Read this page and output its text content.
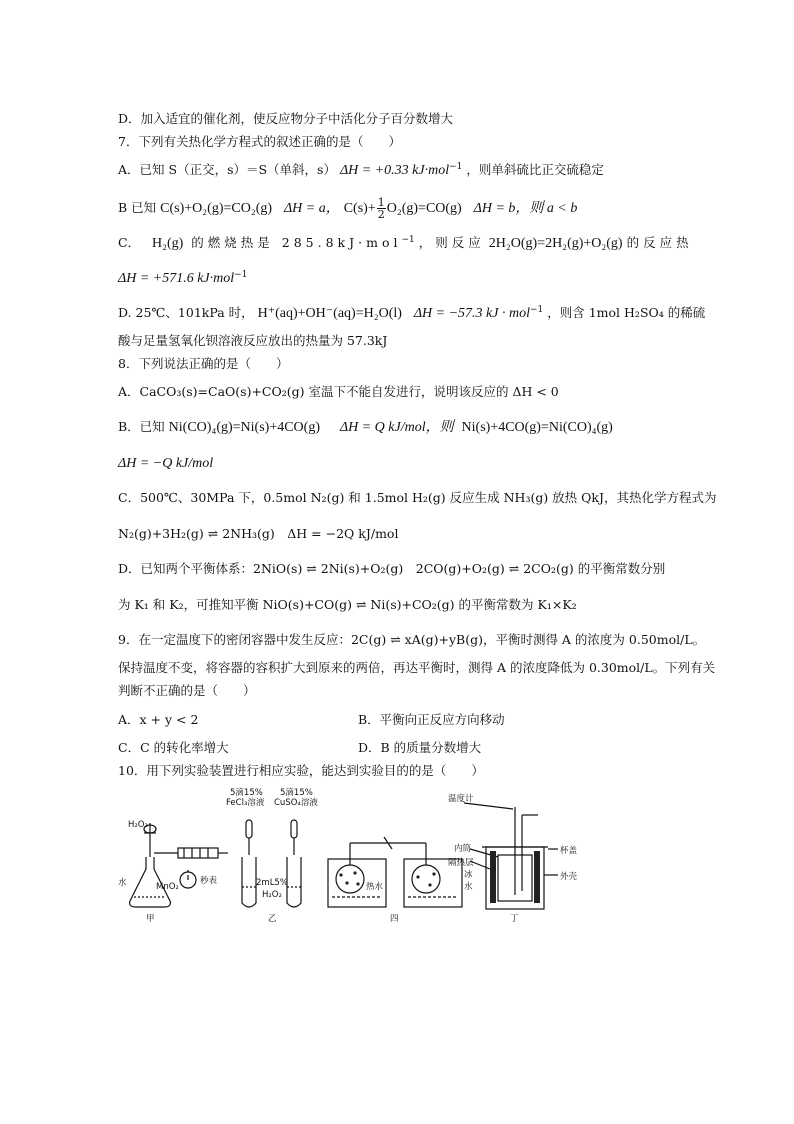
D．加入适宜的催化剂，使反应物分子中活化分子百分数增大
7．下列有关热化学方程式的叙述正确的是（　　）
A．已知 S（正交，s）＝S（单斜，s） ΔH = +0.33 kJ·mol$^{-1}$ ，则单斜硫比正交硫稳定
B 已知 C(s)+O₂(g)=CO₂(g) ΔH = a， $C(s)+ \frac{1}{2} O_2(g)=CO(g) \Delta H = b$，则 a < b
C． H₂(g) 的燃烧热是 285.8kJ·mol$^{-1}$ ，则反应 2H₂O(g)=2H₂(g)+O₂(g) 的反应热
ΔH = +571.6 kJ·mol$^{-1}$
D. 25℃、101kPa 时， H⁺(aq)+OH⁻(aq)=H₂O(l) ΔH = −57.3 kJ · mol$^{-1}$ ，则含 1mol H₂SO₄ 的稀硫
酸与足量氢氧化钡溶液反应放出的热量为 57.3kJ
8．下列说法正确的是（　　）
A．CaCO₃(s)=CaO(s)+CO₂(g) 室温下不能自发进行，说明该反应的 ΔH < 0
B．已知 Ni(CO)₄(g)=Ni(s)+4CO(g) ΔH = Q kJ/mol，则 Ni(s)+4CO(g)=Ni(CO)₄(g)
ΔH = −Q kJ/mol
C．500℃、30MPa 下，0.5mol N₂(g) 和 1.5mol H₂(g) 反应生成 NH₃(g) 放热 QkJ，其热化学方程式为
N₂(g)+3H₂(g) ⇌ 2NH₃(g)　ΔH = −2Q kJ/mol
D．已知两个平衡体系：2NiO(s) ⇌ 2Ni(s)+O₂(g)　2CO(g)+O₂(g) ⇌ 2CO₂(g) 的平衡常数分别
为 K₁ 和 K₂，可推知平衡 NiO(s)+CO(g) ⇌ Ni(s)+CO₂(g) 的平衡常数为 K₁×K₂
9．在一定温度下的密闭容器中发生反应：2C(g) ⇌ xA(g)+yB(g)，平衡时测得 A 的浓度为 0.50mol/L。
保持温度不变，将容器的容积扩大到原来的两倍，再达平衡时，测得 A 的浓度降低为 0.30mol/L。下列有关
判断不正确的是（　　）
A．x + y < 2	B．平衡向正反应方向移动
C．C 的转化率增大	D．B 的质量分数增大
10．用下列实验装置进行相应实验，能达到实验目的的是（　　）
H₂O₂
水	MnO₂
秒表
甲
5滴15%
FeCl₃溶液
5滴15%
CuSO₄溶液
2mL5%
H₂O₂
乙
热水
冰
水
四
温度计
杯盖
内筒
隔热层
外壳
丁
